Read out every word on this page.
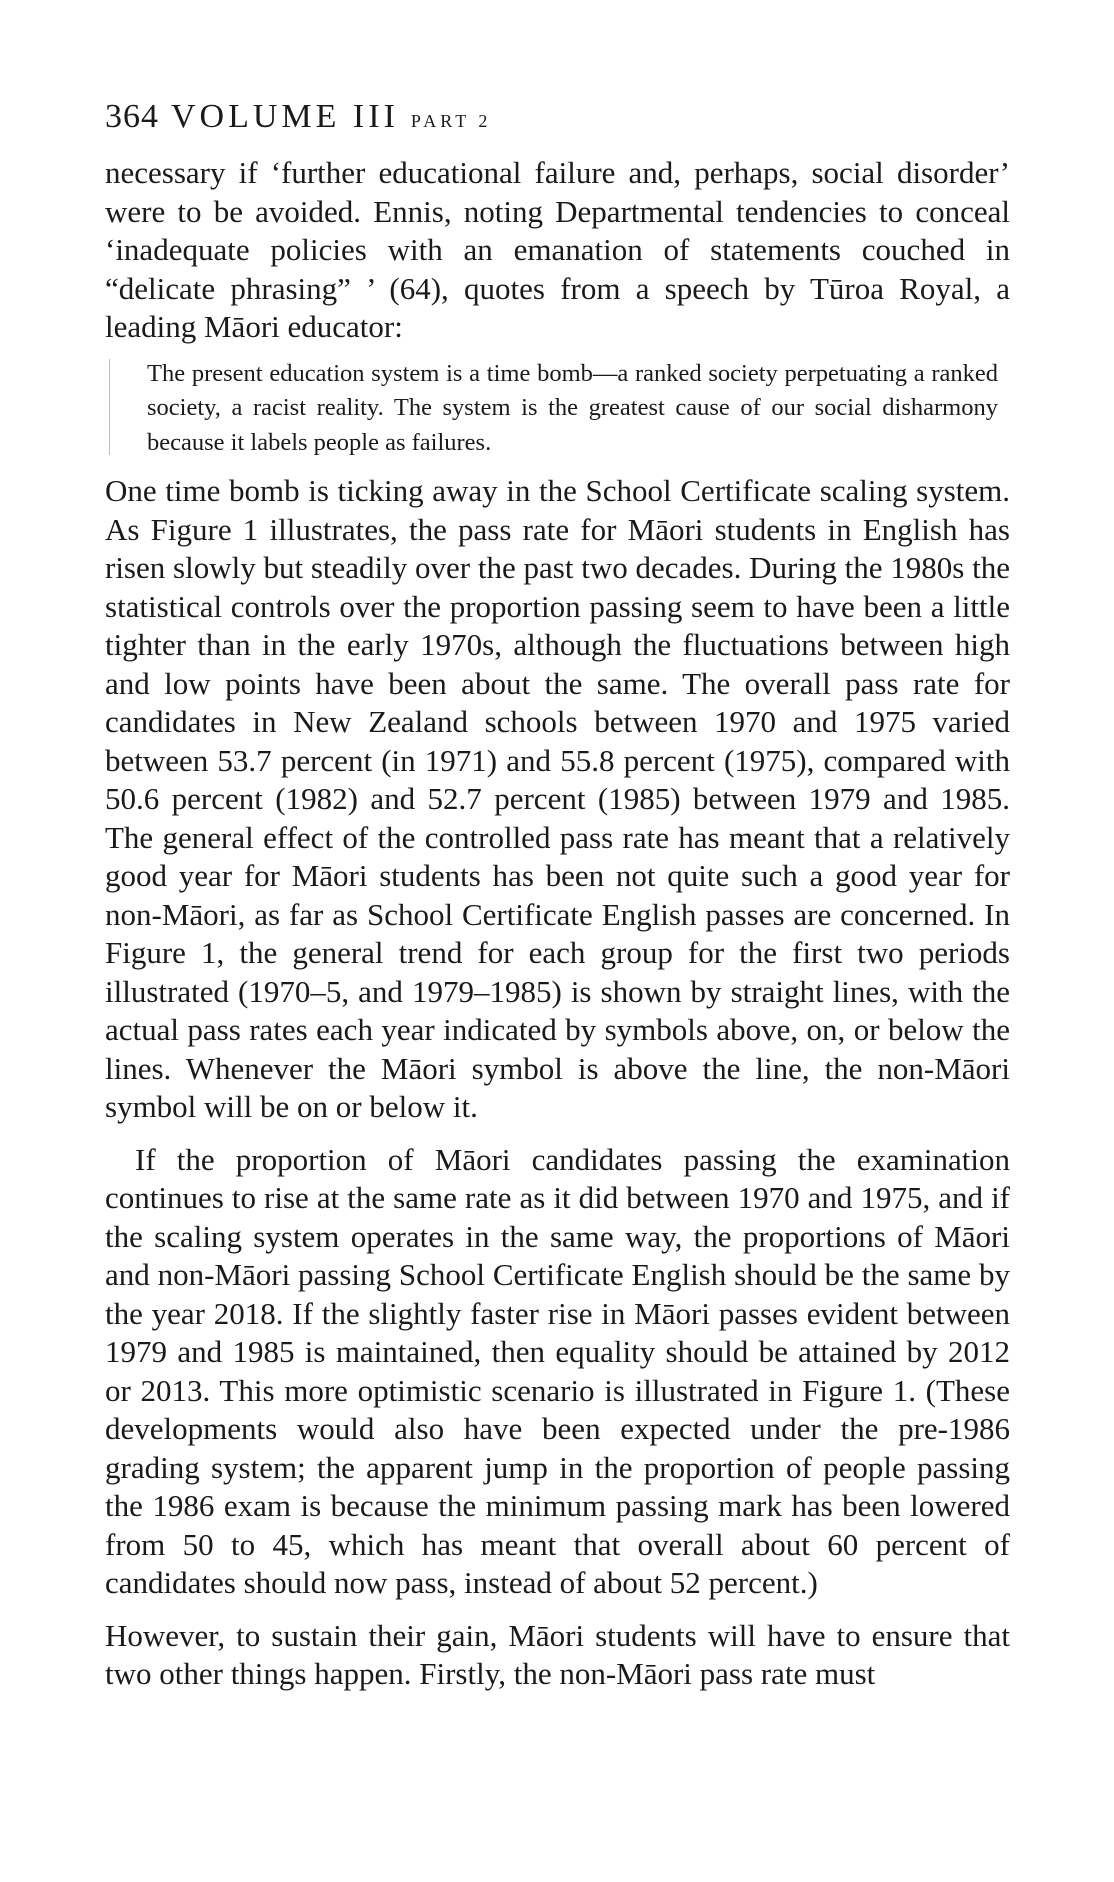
364 VOLUME III PART 2

necessary if ‘further educational failure and, perhaps, social disorder’ were to be avoided. Ennis, noting Departmental tendencies to conceal ‘inadequate policies with an emanation of statements couched in “delicate phrasing” ’ (64), quotes from a speech by Tūroa Royal, a leading Māori educator:

The present education system is a time bomb—a ranked society perpetuating a ranked society, a racist reality. The system is the greatest cause of our social disharmony because it labels people as failures.

One time bomb is ticking away in the School Certificate scaling system. As Figure 1 illustrates, the pass rate for Māori students in English has risen slowly but steadily over the past two decades. During the 1980s the statistical controls over the proportion passing seem to have been a little tighter than in the early 1970s, although the fluctuations between high and low points have been about the same. The overall pass rate for candidates in New Zealand schools between 1970 and 1975 varied between 53.7 percent (in 1971) and 55.8 percent (1975), compared with 50.6 percent (1982) and 52.7 percent (1985) between 1979 and 1985. The general effect of the controlled pass rate has meant that a relatively good year for Māori students has been not quite such a good year for non-Māori, as far as School Certificate English passes are concerned. In Figure 1, the general trend for each group for the first two periods illustrated (1970–5, and 1979–1985) is shown by straight lines, with the actual pass rates each year indicated by symbols above, on, or below the lines. Whenever the Māori symbol is above the line, the non-Māori symbol will be on or below it.

If the proportion of Māori candidates passing the examination continues to rise at the same rate as it did between 1970 and 1975, and if the scaling system operates in the same way, the proportions of Māori and non-Māori passing School Certificate English should be the same by the year 2018. If the slightly faster rise in Māori passes evident between 1979 and 1985 is maintained, then equality should be attained by 2012 or 2013. This more optimistic scenario is illustrated in Figure 1. (These developments would also have been expected under the pre-1986 grading system; the apparent jump in the proportion of people passing the 1986 exam is because the minimum passing mark has been lowered from 50 to 45, which has meant that overall about 60 percent of candidates should now pass, instead of about 52 percent.)

However, to sustain their gain, Māori students will have to ensure that two other things happen. Firstly, the non-Māori pass rate must
